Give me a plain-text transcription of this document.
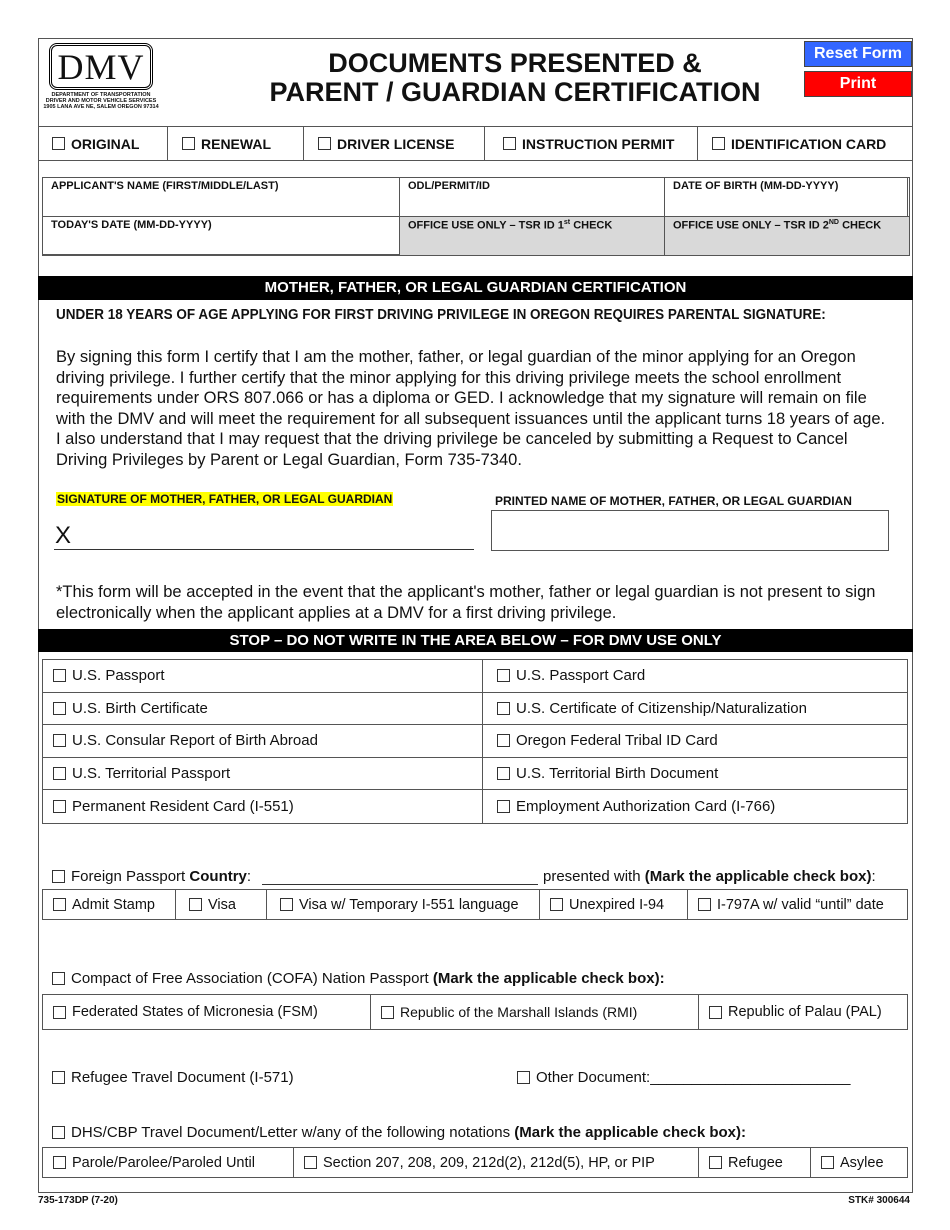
DMV
DEPARTMENT OF TRANSPORTATION
DRIVER AND MOTOR VEHICLE SERVICES
1905 LANA AVE NE, SALEM OREGON 97314
DOCUMENTS PRESENTED &
PARENT / GUARDIAN CERTIFICATION
Reset Form
Print
ORIGINAL	RENEWAL	DRIVER LICENSE	INSTRUCTION PERMIT	IDENTIFICATION CARD
APPLICANT'S NAME (FIRST/MIDDLE/LAST)	ODL/PERMIT/ID	DATE OF BIRTH (MM-DD-YYYY)
TODAY'S DATE (MM-DD-YYYY)	OFFICE USE ONLY – TSR ID 1st CHECK	OFFICE USE ONLY – TSR ID 2ND CHECK
MOTHER, FATHER, OR LEGAL GUARDIAN CERTIFICATION
UNDER 18 YEARS OF AGE APPLYING FOR FIRST DRIVING PRIVILEGE IN OREGON REQUIRES PARENTAL SIGNATURE:
By signing this form I certify that I am the mother, father, or legal guardian of the minor applying for an Oregon driving privilege. I further certify that the minor applying for this driving privilege meets the school enrollment requirements under ORS 807.066 or has a diploma or GED. I acknowledge that my signature will remain on file with the DMV and will meet the requirement for all subsequent issuances until the applicant turns 18 years of age. I also understand that I may request that the driving privilege be canceled by submitting a Request to Cancel Driving Privileges by Parent or Legal Guardian, Form 735-7340.
SIGNATURE OF MOTHER, FATHER, OR LEGAL GUARDIAN
X
PRINTED NAME OF MOTHER, FATHER, OR LEGAL GUARDIAN
*This form will be accepted in the event that the applicant's mother, father or legal guardian is not present to sign electronically when the applicant applies at a DMV for a first driving privilege.
STOP – DO NOT WRITE IN THE AREA BELOW – FOR DMV USE ONLY
U.S. Passport	U.S. Passport Card
U.S. Birth Certificate	U.S. Certificate of Citizenship/Naturalization
U.S. Consular Report of Birth Abroad	Oregon Federal Tribal ID Card
U.S. Territorial Passport	U.S. Territorial Birth Document
Permanent Resident Card (I-551)	Employment Authorization Card (I-766)
Foreign Passport Country:	presented with (Mark the applicable check box):
Admit Stamp	Visa	Visa w/ Temporary I-551 language	Unexpired I-94	I-797A w/ valid “until” date
Compact of Free Association (COFA) Nation Passport (Mark the applicable check box):
Federated States of Micronesia (FSM)	Republic of the Marshall Islands (RMI)	Republic of Palau (PAL)
Refugee Travel Document (I-571)	Other Document:________________________
DHS/CBP Travel Document/Letter w/any of the following notations (Mark the applicable check box):
Parole/Parolee/Paroled Until	Section 207, 208, 209, 212d(2), 212d(5), HP, or PIP	Refugee	Asylee
735-173DP (7-20)	STK# 300644
